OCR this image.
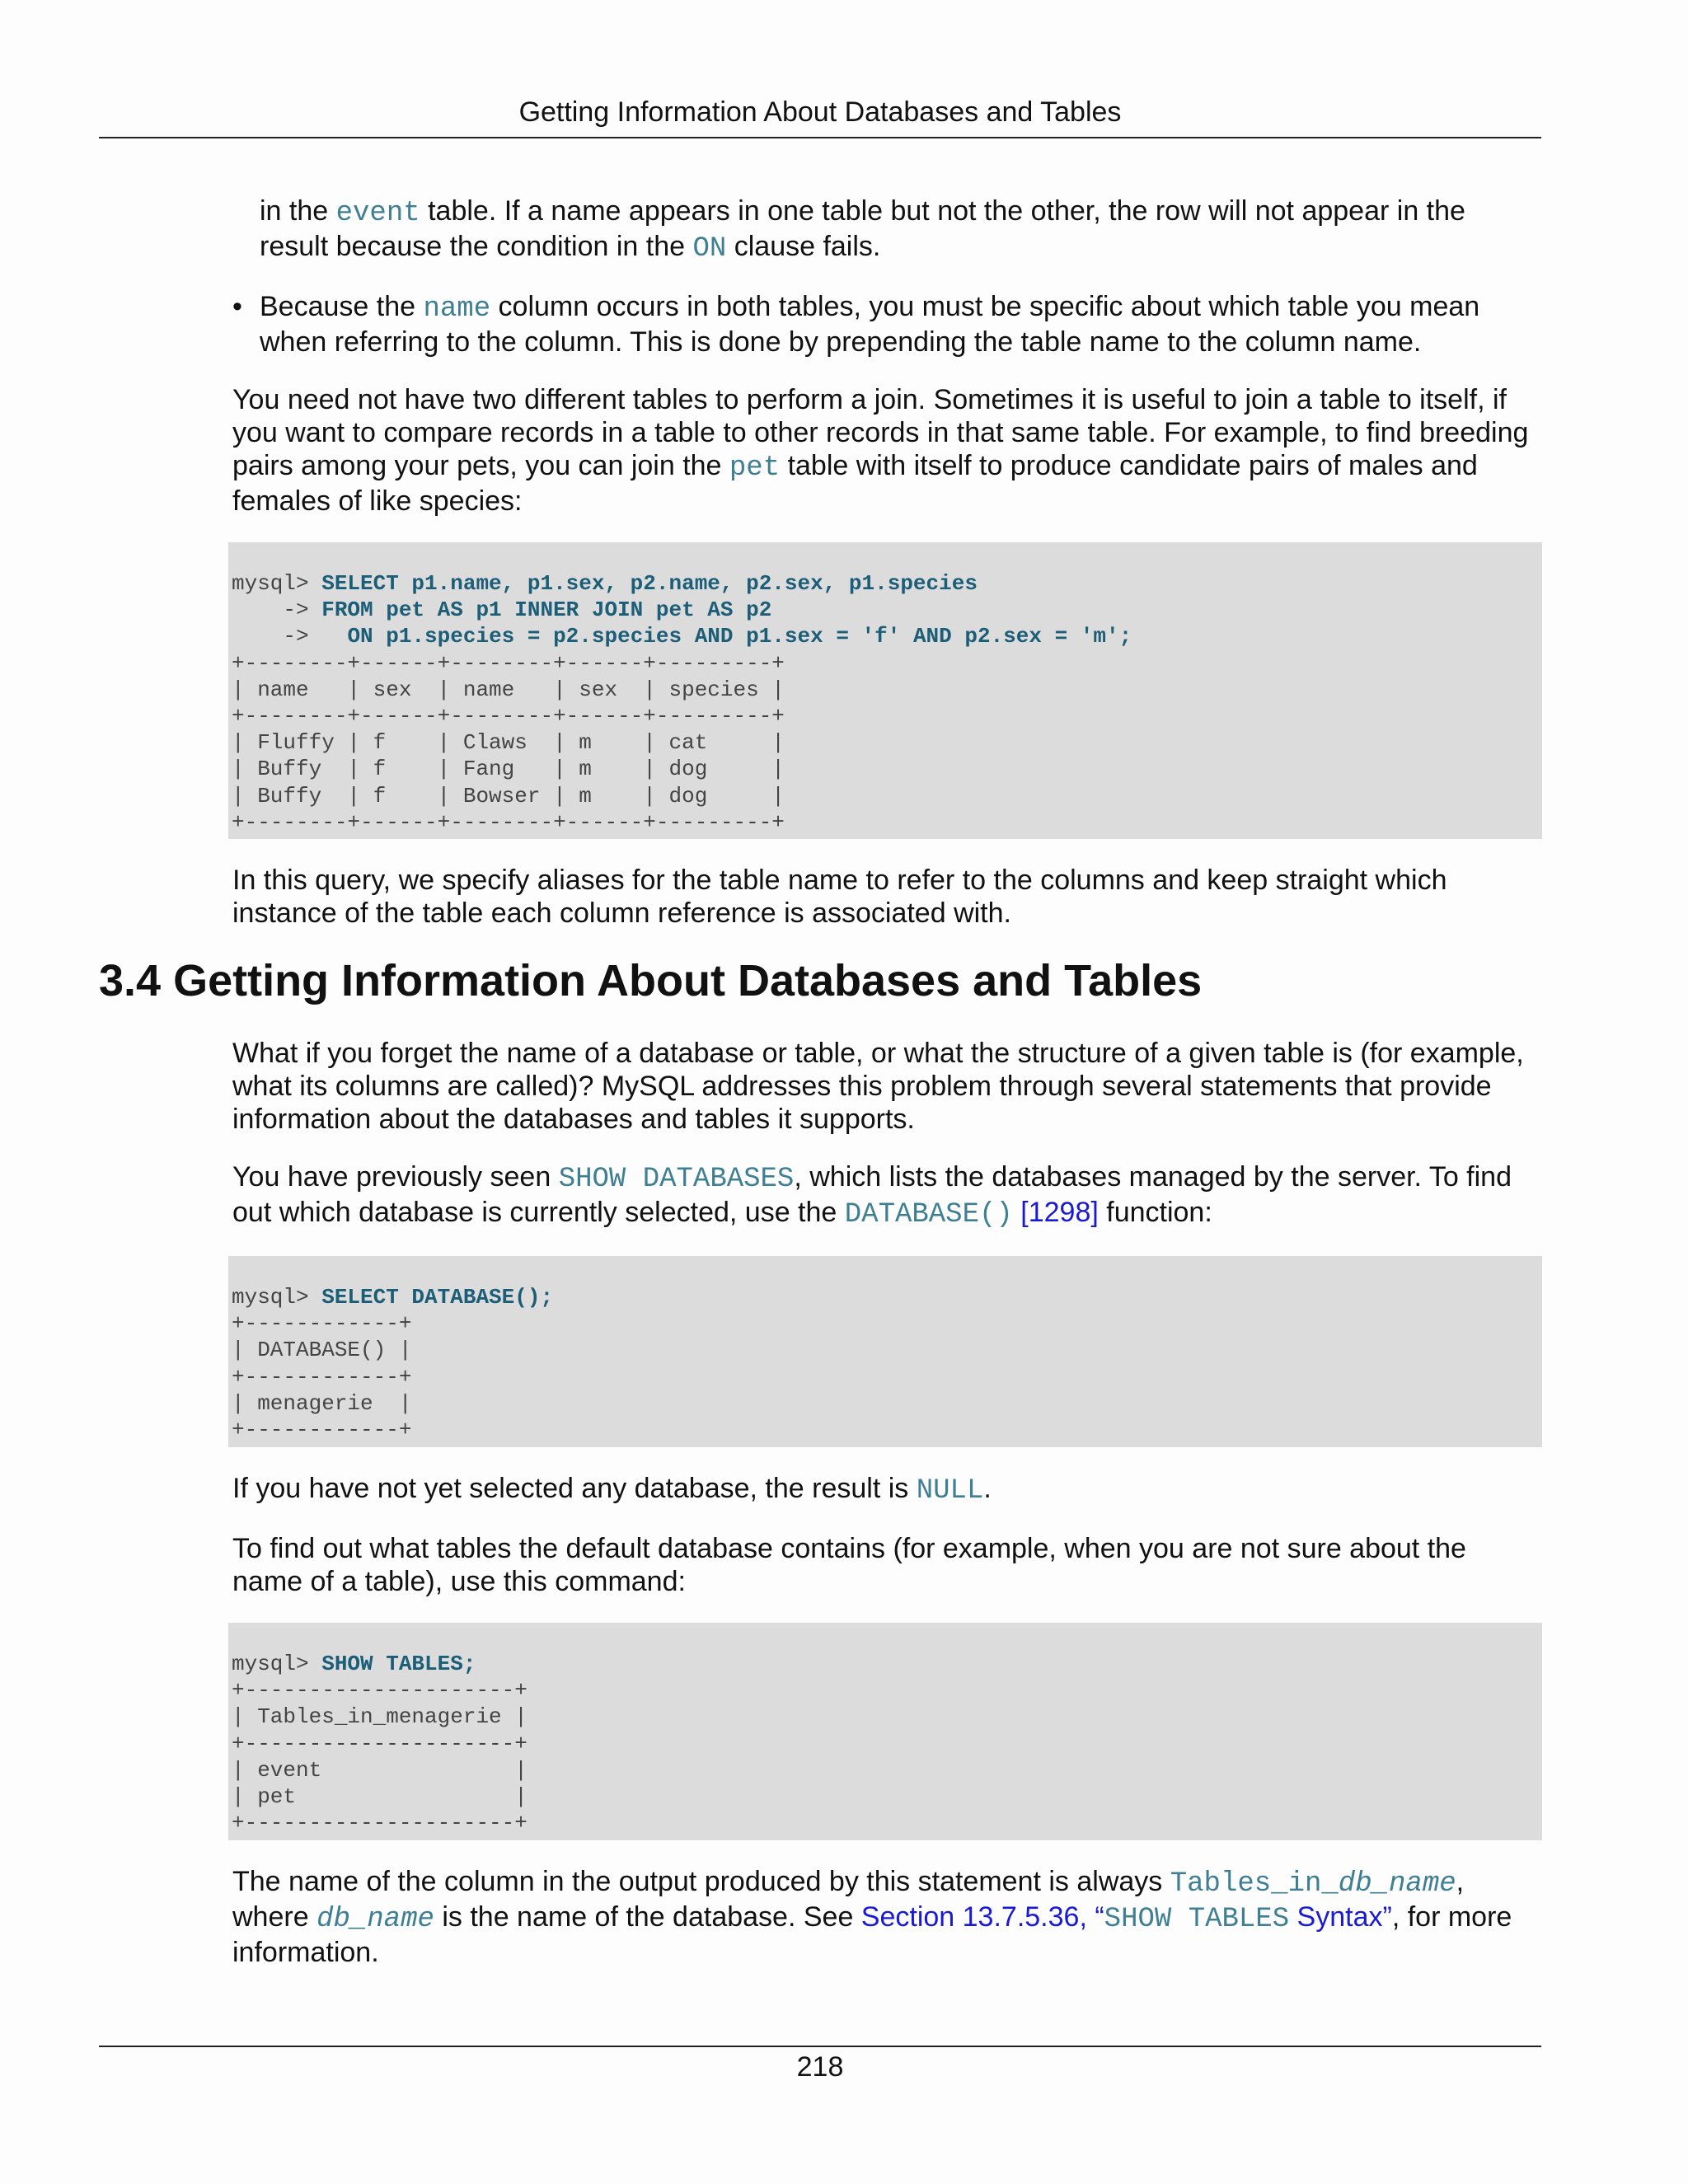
Getting Information About Databases and Tables
in the event table. If a name appears in one table but not the other, the row will not appear in the result because the condition in the ON clause fails.
• Because the name column occurs in both tables, you must be specific about which table you mean when referring to the column. This is done by prepending the table name to the column name.
You need not have two different tables to perform a join. Sometimes it is useful to join a table to itself, if you want to compare records in a table to other records in that same table. For example, to find breeding pairs among your pets, you can join the pet table with itself to produce candidate pairs of males and females of like species:
mysql> SELECT p1.name, p1.sex, p2.name, p2.sex, p1.species
-> FROM pet AS p1 INNER JOIN pet AS p2
->   ON p1.species = p2.species AND p1.sex = 'f' AND p2.sex = 'm';
+--------+------+--------+------+---------+
| name   | sex  | name   | sex  | species |
+--------+------+--------+------+---------+
| Fluffy | f    | Claws  | m    | cat     |
| Buffy  | f    | Fang   | m    | dog     |
| Buffy  | f    | Bowser | m    | dog     |
+--------+------+--------+------+---------+
In this query, we specify aliases for the table name to refer to the columns and keep straight which instance of the table each column reference is associated with.
3.4 Getting Information About Databases and Tables
What if you forget the name of a database or table, or what the structure of a given table is (for example, what its columns are called)? MySQL addresses this problem through several statements that provide information about the databases and tables it supports.
You have previously seen SHOW DATABASES, which lists the databases managed by the server. To find out which database is currently selected, use the DATABASE() [1298] function:
mysql> SELECT DATABASE();
+------------+
| DATABASE() |
+------------+
| menagerie  |
+------------+
If you have not yet selected any database, the result is NULL.
To find out what tables the default database contains (for example, when you are not sure about the name of a table), use this command:
mysql> SHOW TABLES;
+---------------------+
| Tables_in_menagerie |
+---------------------+
| event               |
| pet                 |
+---------------------+
The name of the column in the output produced by this statement is always Tables_in_db_name,
where db_name is the name of the database. See Section 13.7.5.36, “SHOW TABLES Syntax”, for more information.
218
